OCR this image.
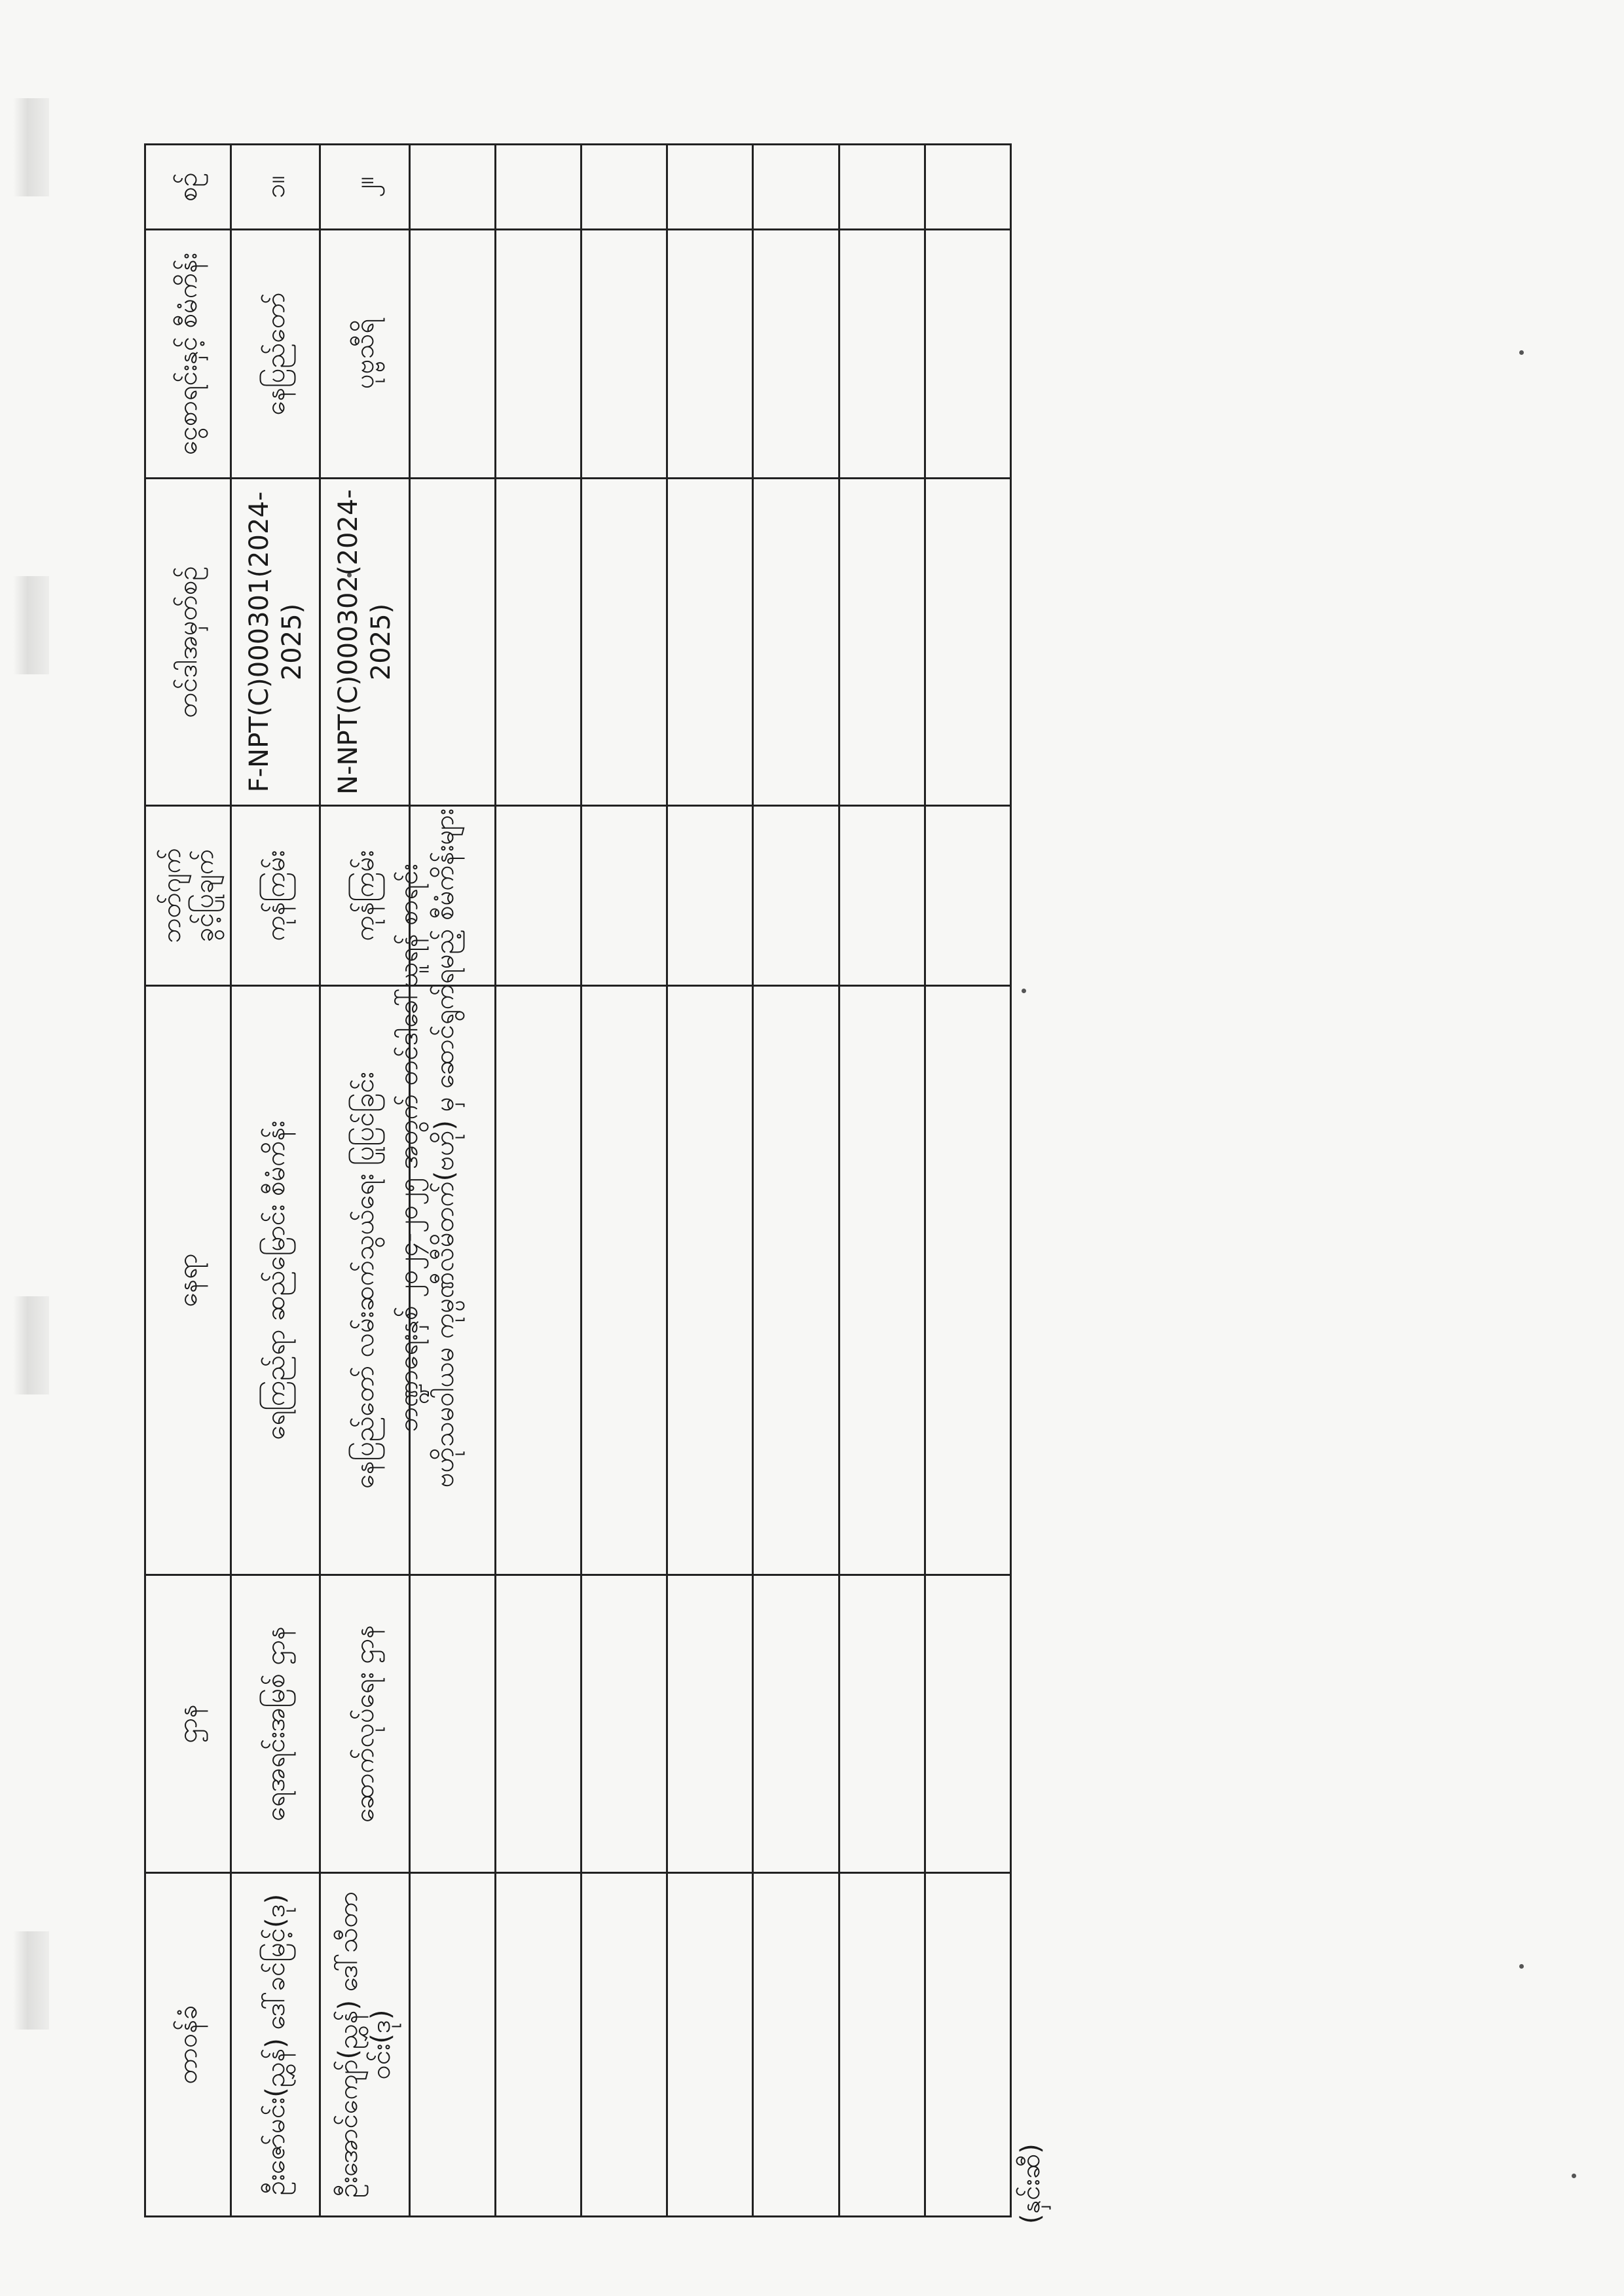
ဘဏ္ဍာရေးနှစ် ၂၀၂၄-၂၀၂၅ အတွက် တင်ဒါခေါ်ယူရန် စာရင်း ဗဟိုသမဝါယမ ကုမ္ပဏီလီမိတက်(ဗဟို) မှ ဆောင်ရွက်ရမည့် စီမံကိန်းများ
စဉ်	ငွေစာရင်းနှင့် စီမံကိန်း	တင်ဒါအမှတ်စဉ်	ဘတ်ဂျက် ခွင့်ပြုချက်	နေရာ	ဌာန	တာဝန်ခံ
၁။	နေပြည်တော်	F-NPT(C)000301(2024-2025)	ကုန်ကြမ်း	ရေကြည်ရာ ဆည်မြောင်း စီမံကိန်း	ရေအရင်းအမြစ် ဌာန	ဦးဇော်မင်း(ညွှန်) ဒေါ်ခင်မြင့်(ဒု)
၂။	ပုဗ္ဗသီရိ	N-NPT(C)000302(2024-2025)	ကုန်ကြမ်း	နေပြည်တော် လမ်းဆက်သွယ်ရေး ပြုပြင်ခြင်း	ဆောက်လုပ်ရေး ဌာန	ဦးအောင်ကျော်(ညွှန်) ဒေါ်သီတာဝင်း(ဒု)

(နှင်းဆီ)
